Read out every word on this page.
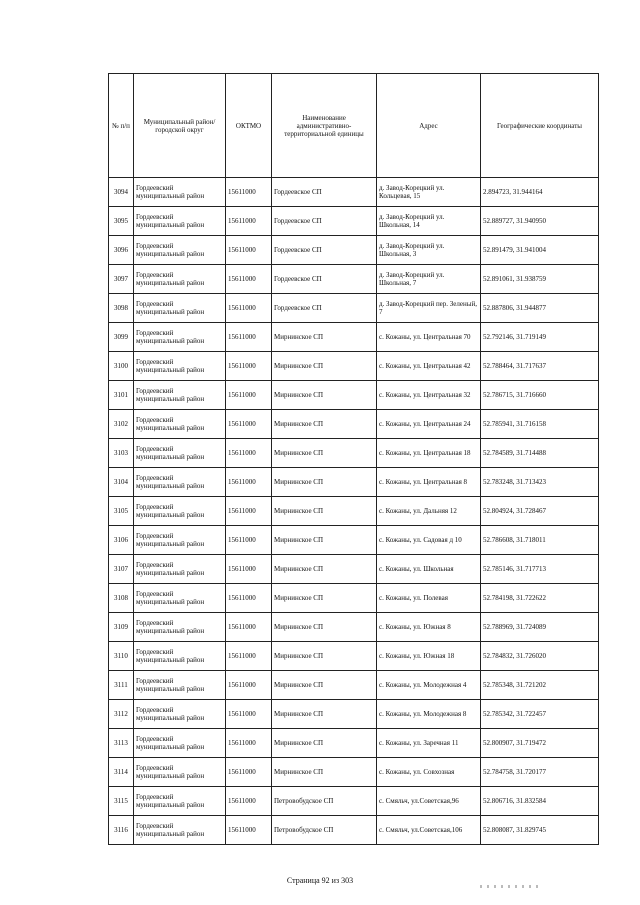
№ п/п	Муниципальный район/городской округ	ОКТМО	Наименование административно-территориальной единицы	Адрес	Географические координаты
3094	Гордеевский муниципальный район	15611000	Гордеевское СП	д. Завод-Корецкий ул. Кольцевая, 15	2.894723, 31.944164
3095	Гордеевский муниципальный район	15611000	Гордеевское СП	д. Завод-Корецкий ул. Школьная, 14	52.889727, 31.940950
3096	Гордеевский муниципальный район	15611000	Гордеевское СП	д. Завод-Корецкий ул. Школьная, 3	52.891479, 31.941004
3097	Гордеевский муниципальный район	15611000	Гордеевское СП	д. Завод-Корецкий ул. Школьная, 7	52.891061, 31.938759
3098	Гордеевский муниципальный район	15611000	Гордеевское СП	д. Завод-Корецкий пер. Зеленый, 7	52.887806, 31.944877
3099	Гордеевский муниципальный район	15611000	Мирнинское СП	с. Кожаны, ул. Центральная 70	52.792146, 31.719149
3100	Гордеевский муниципальный район	15611000	Мирнинское СП	с. Кожаны, ул. Центральная 42	52.788464, 31.717637
3101	Гордеевский муниципальный район	15611000	Мирнинское СП	с. Кожаны, ул. Центральная 32	52.786715, 31.716660
3102	Гордеевский муниципальный район	15611000	Мирнинское СП	с. Кожаны, ул. Центральная 24	52.785941, 31.716158
3103	Гордеевский муниципальный район	15611000	Мирнинское СП	с. Кожаны, ул. Центральная 18	52.784589, 31.714488
3104	Гордеевский муниципальный район	15611000	Мирнинское СП	с. Кожаны, ул. Центральная 8	52.783248, 31.713423
3105	Гордеевский муниципальный район	15611000	Мирнинское СП	с. Кожаны, ул. Дальняя 12	52.804924, 31.728467
3106	Гордеевский муниципальный район	15611000	Мирнинское СП	с. Кожаны, ул. Садовая д 10	52.786608, 31.718011
3107	Гордеевский муниципальный район	15611000	Мирнинское СП	с. Кожаны, ул. Школьная	52.785146, 31.717713
3108	Гордеевский муниципальный район	15611000	Мирнинское СП	с. Кожаны, ул. Полевая	52.784198, 31.722622
3109	Гордеевский муниципальный район	15611000	Мирнинское СП	с. Кожаны, ул. Южная 8	52.788969, 31.724089
3110	Гордеевский муниципальный район	15611000	Мирнинское СП	с. Кожаны, ул. Южная 18	52.784832, 31.726020
3111	Гордеевский муниципальный район	15611000	Мирнинское СП	с. Кожаны, ул. Молодежная 4	52.785348, 31.721202
3112	Гордеевский муниципальный район	15611000	Мирнинское СП	с. Кожаны, ул. Молодежная 8	52.785342, 31.722457
3113	Гордеевский муниципальный район	15611000	Мирнинское СП	с. Кожаны, ул. Заречная 11	52.800907, 31.719472
3114	Гордеевский муниципальный район	15611000	Мирнинское СП	с. Кожаны, ул. Совхозная	52.784758, 31.720177
3115	Гордеевский муниципальный район	15611000	Петровобудское СП	с. Смяльч, ул.Советская,96	52.806716, 31.832584
3116	Гордеевский муниципальный район	15611000	Петровобудское СП	с. Смяльч, ул.Советская,106	52.808087, 31.829745
Страница 92 из 303
